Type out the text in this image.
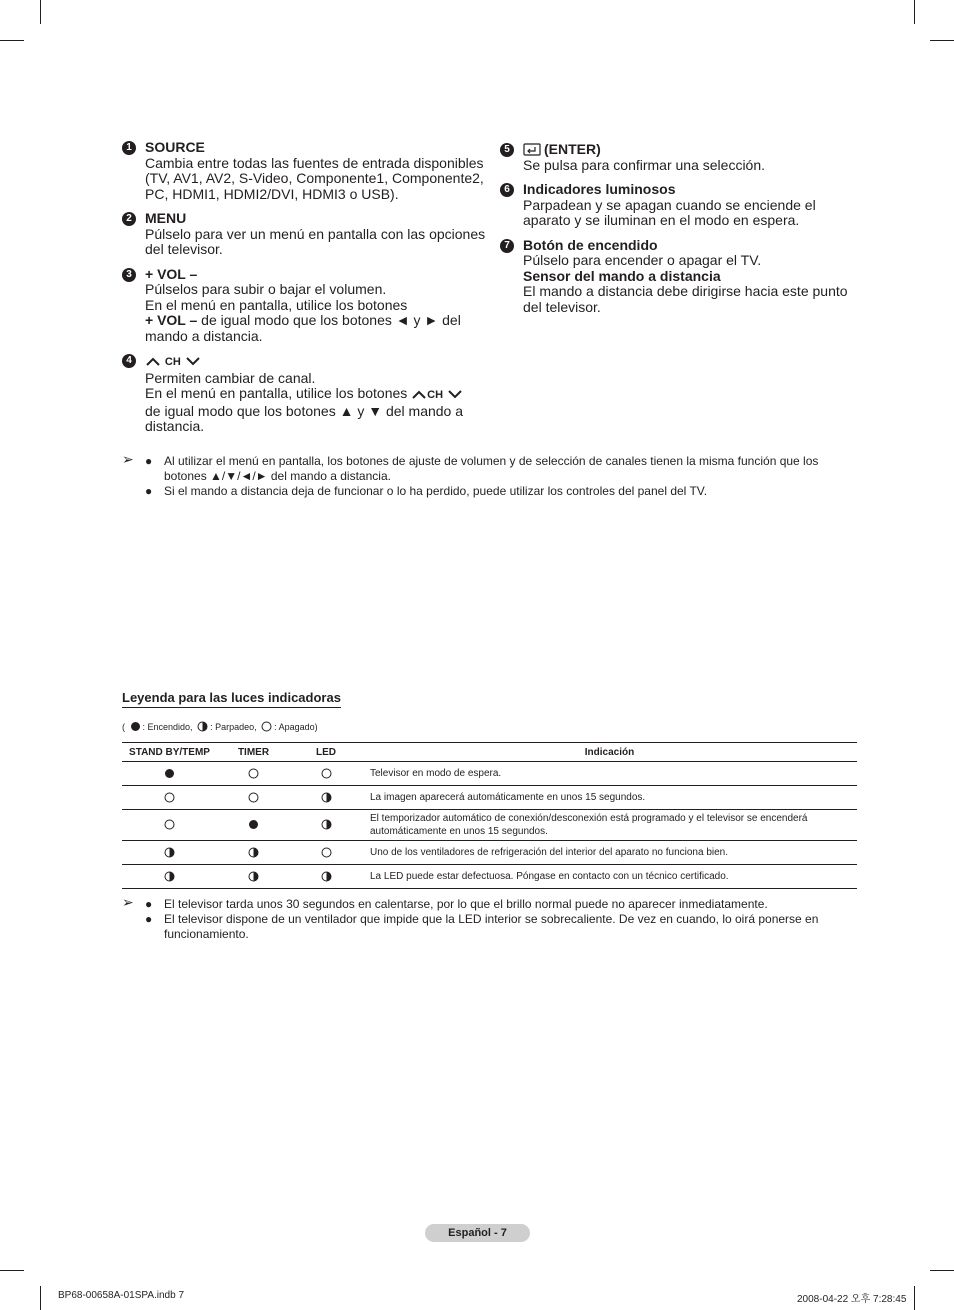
1 SOURCE
Cambia entre todas las fuentes de entrada disponibles
(TV, AV1, AV2, S-Video, Componente1, Componente2,
PC, HDMI1, HDMI2/DVI, HDMI3 o USB).
2 MENU
Púlselo para ver un menú en pantalla con las opciones
del televisor.
3 + VOL –
Púlselos para subir o bajar el volumen.
En el menú en pantalla, utilice los botones
+ VOL – de igual modo que los botones ◄ y ► del
mando a distancia.
4	CH
Permiten cambiar de canal.
En el menú en pantalla, utilice los botones CH
de igual modo que los botones ▲ y ▼ del mando a
distancia.
5	(ENTER)
Se pulsa para confirmar una selección.
6 Indicadores luminosos
Parpadean y se apagan cuando se enciende el
aparato y se iluminan en el modo en espera.
7 Botón de encendido
Púlselo para encender o apagar el TV.
Sensor del mando a distancia
El mando a distancia debe dirigirse hacia este punto
del televisor.
➢ ● Al utilizar el menú en pantalla, los botones de ajuste de volumen y de selección de canales tienen la misma función que los
botones ▲/▼/◄/► del mando a distancia.
● Si el mando a distancia deja de funcionar o lo ha perdido, puede utilizar los controles del panel del TV.
Leyenda para las luces indicadoras
( : Encendido, : Parpadeo, : Apagado)
STAND BY/TEMP	TIMER	LED	Indicación
			Televisor en modo de espera.
			La imagen aparecerá automáticamente en unos 15 segundos.
			El temporizador automático de conexión/desconexión está programado y el televisor se encenderá automáticamente en unos 15 segundos.
			Uno de los ventiladores de refrigeración del interior del aparato no funciona bien.
			La LED puede estar defectuosa. Póngase en contacto con un técnico certificado.
➢ ● El televisor tarda unos 30 segundos en calentarse, por lo que el brillo normal puede no aparecer inmediatamente.
● El televisor dispone de un ventilador que impide que la LED interior se sobrecaliente. De vez en cuando, lo oirá ponerse en
funcionamiento.
Español - 7
BP68-00658A-01SPA.indb 7	2008-04-22 오후 7:28:45
